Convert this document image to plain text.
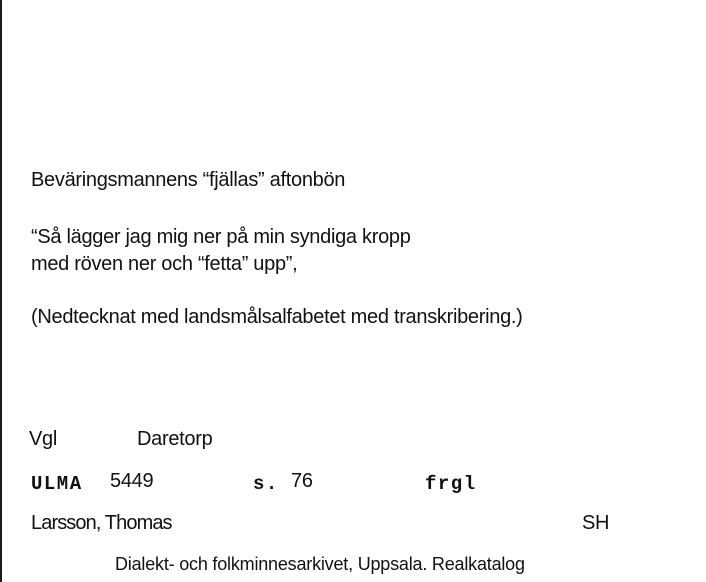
Beväringsmannens “fjällas” aftonbön
“Så lägger jag mig ner på min syndiga kropp
med röven ner och “fetta” upp”,
(Nedtecknat med landsmålsalfabetet med transkribering.)
Vgl	Daretorp
ULMA 5449	s. 76	frgl
Larsson, Thomas	SH
Dialekt- och folkminnesarkivet, Uppsala. Realkatalog
